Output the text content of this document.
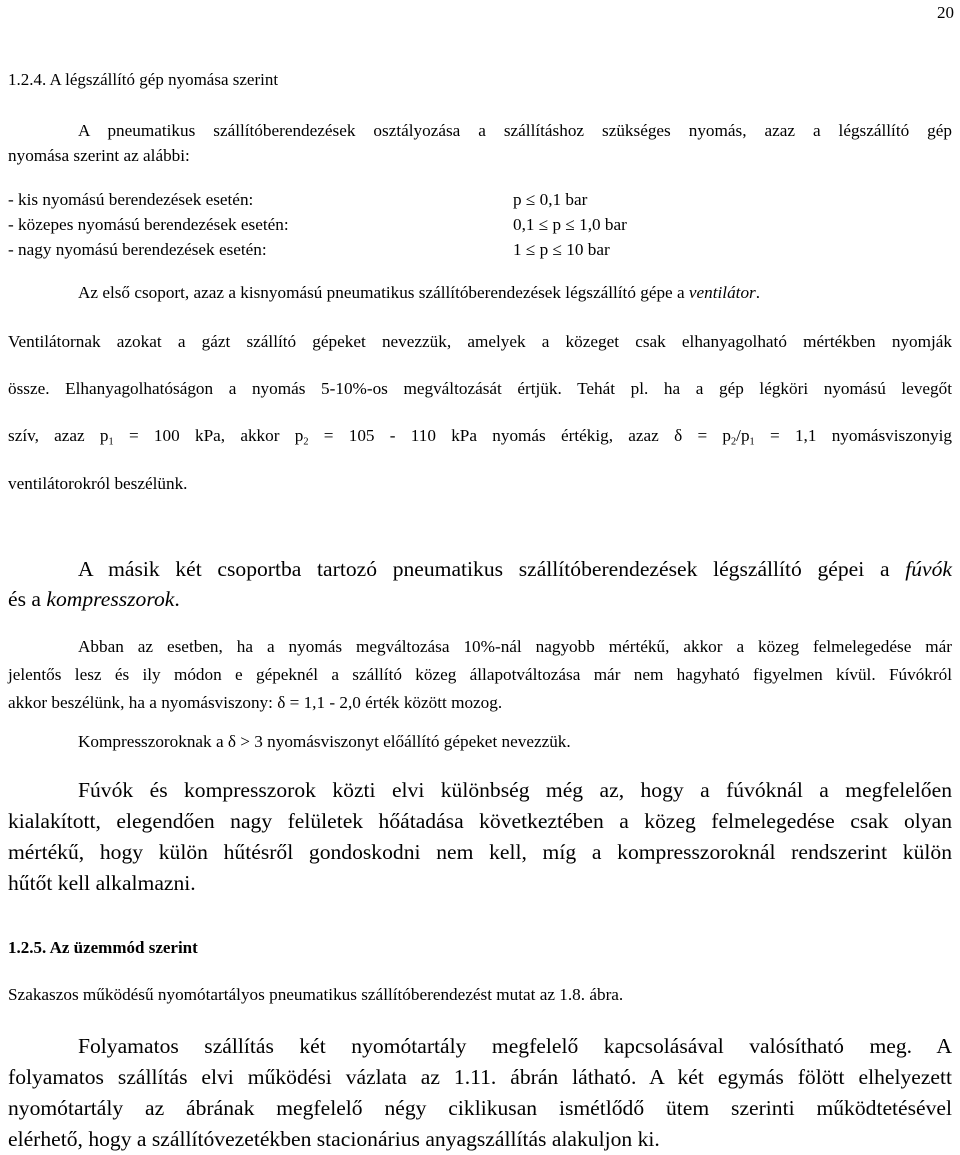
20
1.2.4. A légszállító gép nyomása szerint
A pneumatikus szállítóberendezések osztályozása a szállításhoz szükséges nyomás, azaz a légszállító gép
nyomása szerint az alábbi:
- kis nyomású berendezések esetén:	p ≤ 0,1 bar
- közepes nyomású berendezések esetén:	0,1 ≤ p ≤ 1,0 bar
- nagy nyomású berendezések esetén:	1 ≤ p ≤ 10 bar
Az első csoport, azaz a kisnyomású pneumatikus szállítóberendezések légszállító gépe a ventilátor.
Ventilátornak azokat a gázt szállító gépeket nevezzük, amelyek a közeget csak elhanyagolható mértékben nyomják
össze. Elhanyagolhatóságon a nyomás 5-10%-os megváltozását értjük. Tehát pl. ha a gép légköri nyomású levegőt
szív, azaz $p_1 = 100$ kPa, akkor $p_2 = 105 - 110$ kPa nyomás értékig, azaz $\delta = p_2/p_1 = 1,1$ nyomásviszonyig
ventilátorokról beszélünk.
A másik két csoportba tartozó pneumatikus szállítóberendezések légszállító gépei a fúvók
és a kompresszorok.
Abban az esetben, ha a nyomás megváltozása 10%-nál nagyobb mértékű, akkor a közeg felmelegedése már
jelentős lesz és ily módon e gépeknél a szállító közeg állapotváltozása már nem hagyható figyelmen kívül. Fúvókról
akkor beszélünk, ha a nyomásviszony: δ = 1,1 - 2,0 érték között mozog.
Kompresszoroknak a δ > 3 nyomásviszonyt előállító gépeket nevezzük.
Fúvók és kompresszorok közti elvi különbség még az, hogy a fúvóknál a megfelelően
kialakított, elegendően nagy felületek hőátadása következtében a közeg felmelegedése csak olyan
mértékű, hogy külön hűtésről gondoskodni nem kell, míg a kompresszoroknál rendszerint külön
hűtőt kell alkalmazni.
1.2.5. Az üzemmód szerint
Szakaszos működésű nyomótartályos pneumatikus szállítóberendezést mutat az 1.8. ábra.
Folyamatos szállítás két nyomótartály megfelelő kapcsolásával valósítható meg. A
folyamatos szállítás elvi működési vázlata az 1.11. ábrán látható. A két egymás fölött elhelyezett
nyomótartály az ábrának megfelelő négy ciklikusan ismétlődő ütem szerinti működtetésével
elérhető, hogy a szállítóvezetékben stacionárius anyagszállítás alakuljon ki.
